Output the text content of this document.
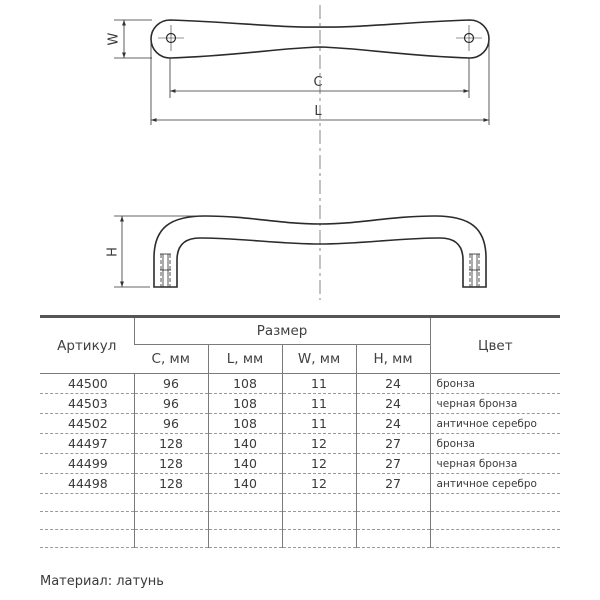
W
C
L
H
Артикул	Размер				Цвет
	C, мм	L, мм	W, мм	H, мм	
44500	96	108	11	24	бронза
44503	96	108	11	24	черная бронза
44502	96	108	11	24	античное серебро
44497	128	140	12	27	бронза
44499	128	140	12	27	черная бронза
44498	128	140	12	27	античное серебро

Материал: латунь
